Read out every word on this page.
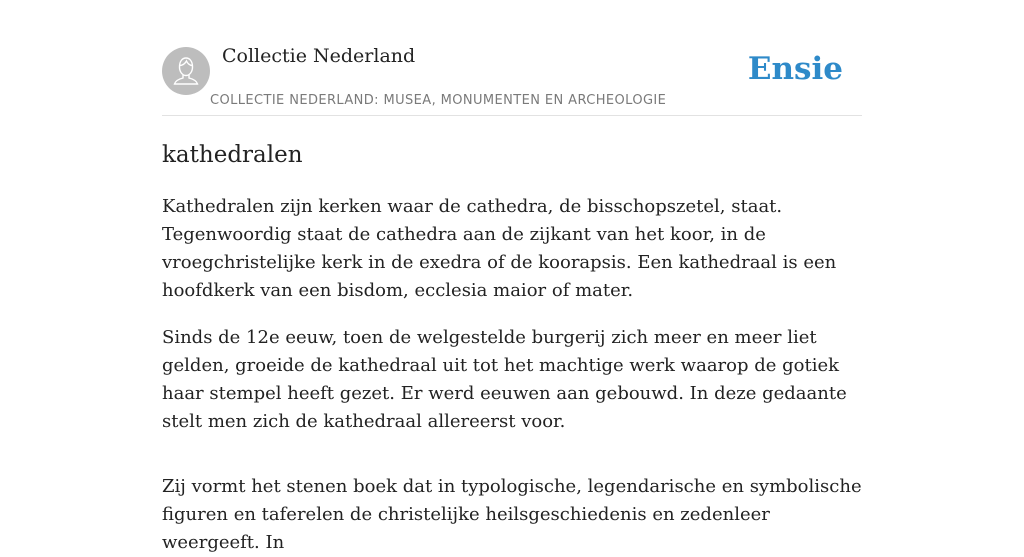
Collectie Nederland
COLLECTIE NEDERLAND: MUSEA, MONUMENTEN EN ARCHEOLOGIE
Ensie
kathedralen

Kathedralen zijn kerken waar de cathedra, de bisschopszetel, staat. Tegenwoordig staat de cathedra aan de zijkant van het koor, in de vroegchristelijke kerk in de exedra of de koorapsis. Een kathedraal is een hoofdkerk van een bisdom, ecclesia maior of mater.

Sinds de 12e eeuw, toen de welgestelde burgerij zich meer en meer liet gelden, groeide de kathedraal uit tot het machtige werk waarop de gotiek haar stempel heeft gezet. Er werd eeuwen aan gebouwd. In deze gedaante stelt men zich de kathedraal allereerst voor.

Zij vormt het stenen boek dat in typologische, legendarische en symbolische figuren en taferelen de christelijke heilsgeschiedenis en zedenleer weergeeft. In
